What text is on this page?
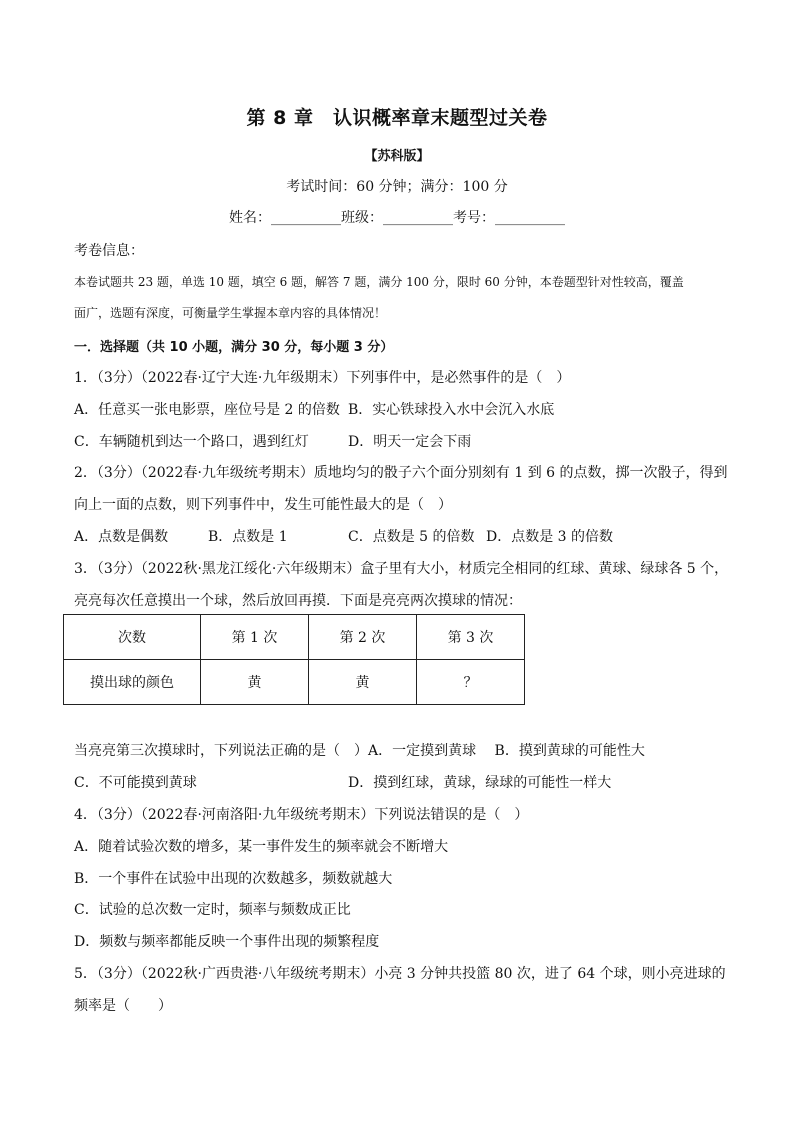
第 8 章　认识概率章末题型过关卷
【苏科版】
考试时间：60 分钟；满分：100 分
姓名：__________班级：__________考号：__________
考卷信息：
本卷试题共 23 题，单选 10 题，填空 6 题，解答 7 题，满分 100 分，限时 60 分钟，本卷题型针对性较高，覆盖
面广，选题有深度，可衡量学生掌握本章内容的具体情况！
一．选择题（共 10 小题，满分 30 分，每小题 3 分）
1．（3分）（2022春·辽宁大连·九年级期末）下列事件中，是必然事件的是（　）
A．任意买一张电影票，座位号是 2 的倍数 B．实心铁球投入水中会沉入水底
C．车辆随机到达一个路口，遇到红灯	D．明天一定会下雨
2．（3分）（2022春·九年级统考期末）质地均匀的骰子六个面分别刻有 1 到 6 的点数，掷一次骰子，得到
向上一面的点数，则下列事件中，发生可能性最大的是（　）
A．点数是偶数	B．点数是 1	C．点数是 5 的倍数 D．点数是 3 的倍数
3．（3分）（2022秋·黑龙江绥化·六年级期末）盒子里有大小，材质完全相同的红球、黄球、绿球各 5 个，
亮亮每次任意摸出一个球，然后放回再摸．下面是亮亮两次摸球的情况：
次数	第 1 次	第 2 次	第 3 次
摸出球的颜色	黄	黄	？
当亮亮第三次摸球时，下列说法正确的是（　）A．一定摸到黄球　 B．摸到黄球的可能性大
C．不可能摸到黄球	D．摸到红球，黄球，绿球的可能性一样大
4．（3分）（2022春·河南洛阳·九年级统考期末）下列说法错误的是（　）
A．随着试验次数的增多，某一事件发生的频率就会不断增大
B．一个事件在试验中出现的次数越多，频数就越大
C．试验的总次数一定时，频率与频数成正比
D．频数与频率都能反映一个事件出现的频繁程度
5．（3分）（2022秋·广西贵港·八年级统考期末）小亮 3 分钟共投篮 80 次，进了 64 个球，则小亮进球的
频率是（　　）
